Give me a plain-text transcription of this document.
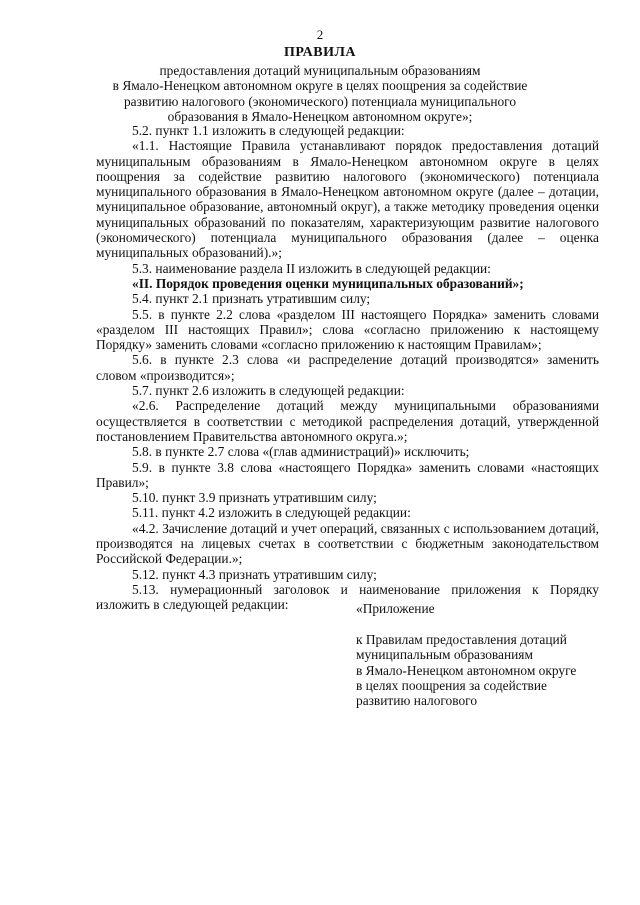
2
ПРАВИЛА
предоставления дотаций муниципальным образованиям
в Ямало-Ненецком автономном округе в целях поощрения за содействие
развитию налогового (экономического) потенциала муниципального
образования в Ямало-Ненецком автономном округе»;

5.2. пункт 1.1 изложить в следующей редакции:

«1.1. Настоящие Правила устанавливают порядок предоставления дотаций муниципальным образованиям в Ямало-Ненецком автономном округе в целях поощрения за содействие развитию налогового (экономического) потенциала муниципального образования в Ямало-Ненецком автономном округе (далее – дотации, муниципальное образование, автономный округ), а также методику проведения оценки муниципальных образований по показателям, характеризующим развитие налогового (экономического) потенциала муниципального образования (далее – оценка муниципальных образований).»;

5.3. наименование раздела II изложить в следующей редакции:

«II. Порядок проведения оценки муниципальных образований»;

5.4. пункт 2.1 признать утратившим силу;

5.5. в пункте 2.2 слова «разделом III настоящего Порядка» заменить словами «разделом III настоящих Правил»; слова «согласно приложению к настоящему Порядку» заменить словами «согласно приложению к настоящим Правилам»;

5.6. в пункте 2.3 слова «и распределение дотаций производятся» заменить словом «производится»;

5.7. пункт 2.6 изложить в следующей редакции:

«2.6. Распределение дотаций между муниципальными образованиями осуществляется в соответствии с методикой распределения дотаций, утвержденной постановлением Правительства автономного округа.»;

5.8. в пункте 2.7 слова «(глав администраций)» исключить;

5.9. в пункте 3.8 слова «настоящего Порядка» заменить словами «настоящих Правил»;

5.10. пункт 3.9 признать утратившим силу;

5.11. пункт 4.2 изложить в следующей редакции:

«4.2. Зачисление дотаций и учет операций, связанных с использованием дотаций, производятся на лицевых счетах в соответствии с бюджетным законодательством Российской Федерации.»;

5.12. пункт 4.3 признать утратившим силу;

5.13. нумерационный заголовок и наименование приложения к Порядку изложить в следующей редакции:	«Приложение
к Правилам предоставления дотаций
муниципальным образованиям
в Ямало-Ненецком автономном округе
в целях поощрения за содействие
развитию налогового
